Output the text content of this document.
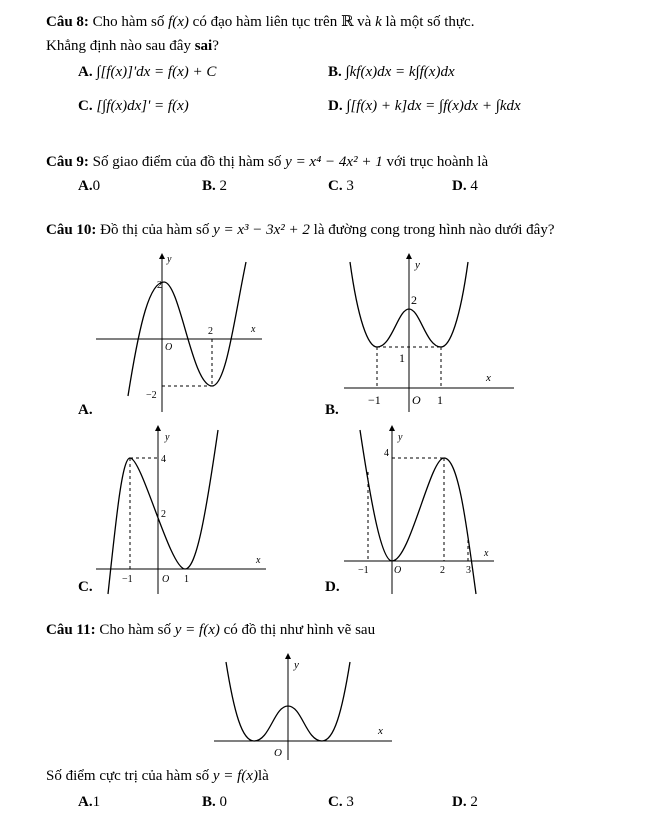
Câu 8: Cho hàm số f(x) có đạo hàm liên tục trên ℝ và k là một số thực.
Khẳng định nào sau đây sai?
A. ∫[f(x)]'dx = f(x) + C	B. ∫kf(x)dx = k∫f(x)dx
C. [∫f(x)dx]' = f(x)	D. ∫[f(x) + k]dx = ∫f(x)dx + ∫kdx
Câu 9: Số giao điểm của đồ thị hàm số y = x⁴ − 4x² + 1 với trục hoành là
A.0	B. 2	C. 3	D. 4
Câu 10: Đồ thị của hàm số y = x³ − 3x² + 2 là đường cong trong hình nào dưới đây?
x
y
O
2
2
−2
A.
x
y
O
2
1
−1	1
B.
x
y
O
4
2
−1	1
C.
x
y
O
4
−1	2 3
D.
Câu 11: Cho hàm số y = f(x) có đồ thị như hình vẽ sau
x
y
O
Số điểm cực trị của hàm số y = f(x)là
A.1	B. 0	C. 3	D. 2
